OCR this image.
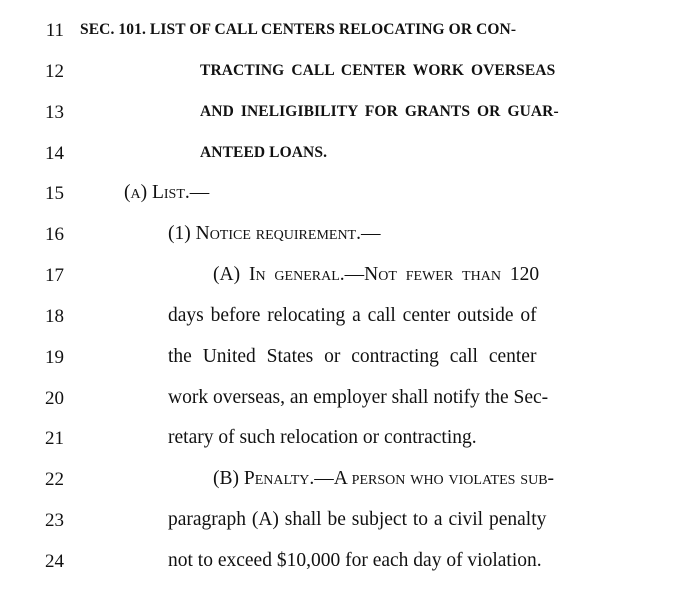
11 SEC. 101. LIST OF CALL CENTERS RELOCATING OR CON-
12	TRACTING CALL CENTER WORK OVERSEAS
13	AND INELIGIBILITY FOR GRANTS OR GUAR-
14	ANTEED LOANS.
15	(a) List.—
16	(1) Notice requirement.—
17	(A) In general.—Not fewer than 120
18	days before relocating a call center outside of
19	the United States or contracting call center
20	work overseas, an employer shall notify the Sec-
21	retary of such relocation or contracting.
22	(B) Penalty.—A person who violates sub-
23	paragraph (A) shall be subject to a civil penalty
24	not to exceed $10,000 for each day of violation.
